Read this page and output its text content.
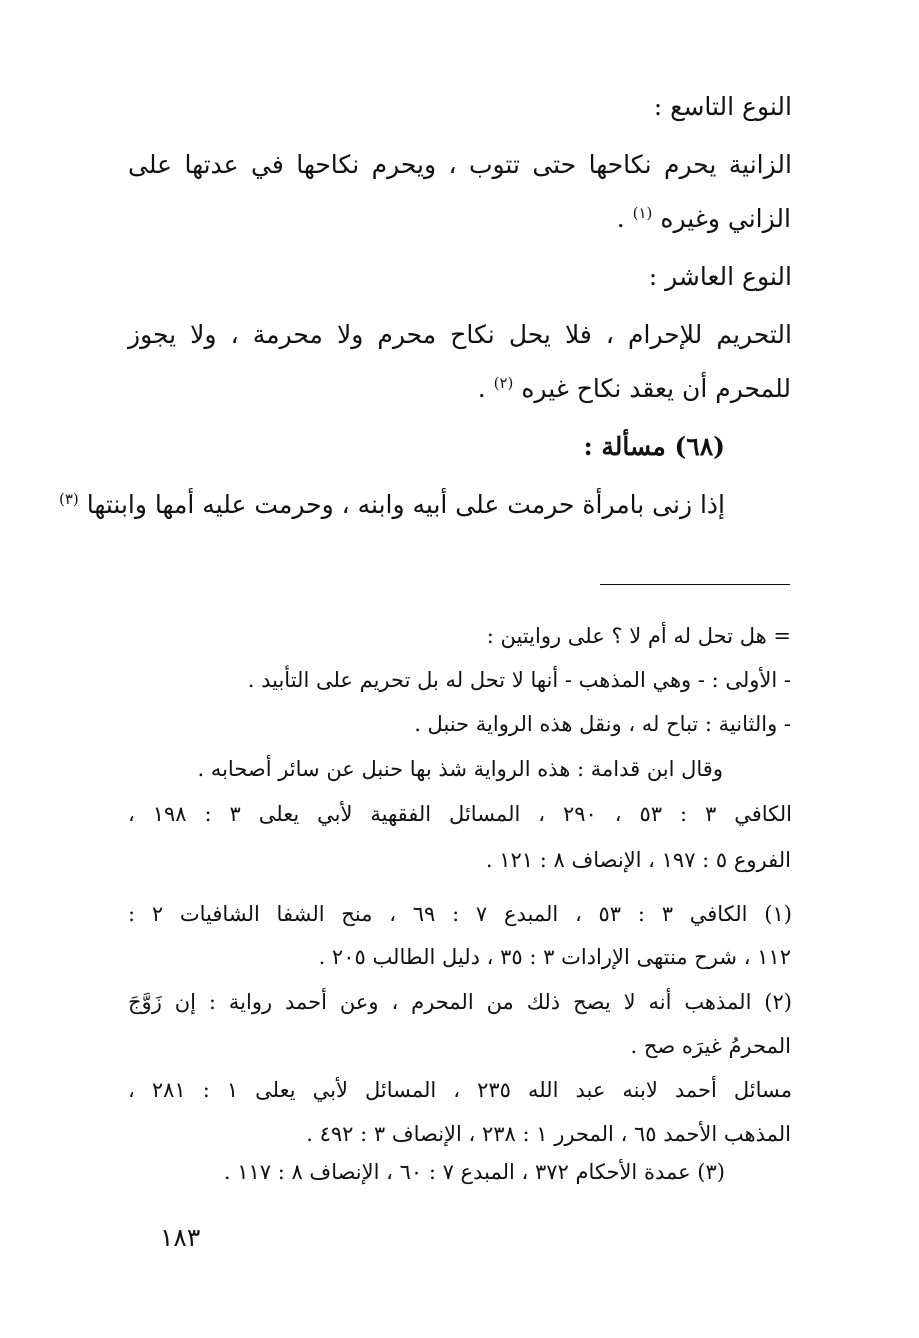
النوع التاسع :

الزانية يحرم نكاحها حتى تتوب ، ويحرم نكاحها في عدتها على

الزاني وغيره $^{(١)}$ .

النوع العاشر :

التحريم للإحرام ، فلا يحل نكاح محرم ولا محرمة ، ولا يجوز

للمحرم أن يعقد نكاح غيره $^{(٢)}$ .

(٦٨) مسألة :

إذا زنى بامرأة حرمت على أبيه وابنه ، وحرمت عليه أمها وابنتها $^{(٣)}$

= هل تحل له أم لا ؟ على روايتين :

- الأولى : - وهي المذهب - أنها لا تحل له بل تحريم على التأبيد .

- والثانية : تباح له ، ونقل هذه الرواية حنبل .

وقال ابن قدامة : هذه الرواية شذ بها حنبل عن سائر أصحابه .

الكافي ٣ : ٥٣ ، ٢٩٠ ، المسائل الفقهية لأبي يعلى ٣ : ١٩٨ ،

الفروع ٥ : ١٩٧ ، الإنصاف ٨ : ١٢١ .

(١) الكافي ٣ : ٥٣ ، المبدع ٧ : ٦٩ ، منح الشفا الشافيات ٢ :

١١٢ ، شرح منتهى الإرادات ٣ : ٣٥ ، دليل الطالب ٢٠٥ .

(٢) المذهب أنه لا يصح ذلك من المحرم ، وعن أحمد رواية : إن زَوَّجَ

المحرمُ غيرَه صح .

مسائل أحمد لابنه عبد الله ٢٣٥ ، المسائل لأبي يعلى ١ : ٢٨١ ،

المذهب الأحمد ٦٥ ، المحرر ١ : ٢٣٨ ، الإنصاف ٣ : ٤٩٢ .

(٣) عمدة الأحكام ٣٧٢ ، المبدع ٧ : ٦٠ ، الإنصاف ٨ : ١١٧ .

١٨٣
